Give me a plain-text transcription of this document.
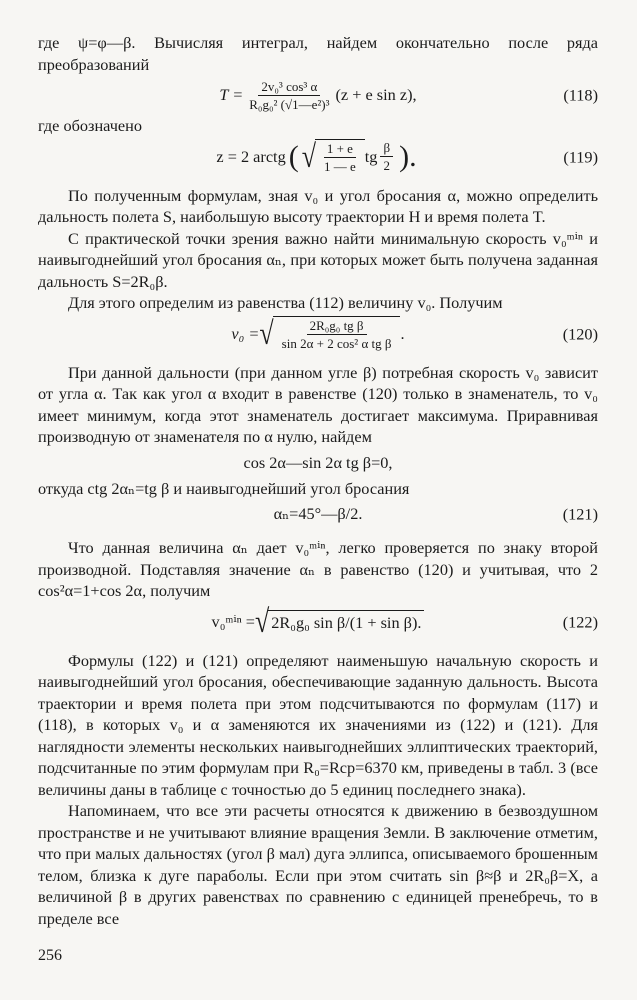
где ψ=φ—β. Вычисляя интеграл, найдем окончательно после ряда преобразований

$T = \frac{\text{2v₀³ cos³ α}}{\text{R₀g₀² (√1—e²)³}} (z + e$ sin z),	(118)

где обозначено

z = 2 arctg ( √ $\frac{1 + e}{1 — e}$ tg $\frac{\beta}{2}$ ).	(119)

По полученным формулам, зная v₀ и угол бросания α, можно определить дальность полета S, наибольшую высоту траектории H и время полета T.

С практической точки зрения важно найти минимальную скорость v₀ᵐⁱⁿ и наивыгоднейший угол бросания αₙ, при которых может быть получена заданная дальность S=2R₀β.

Для этого определим из равенства (112) величину v₀. Получим

v₀ = √ $\frac{\text{2R₀g₀ tg β}}{\text{sin 2α + 2 cos² α tg β}}$ .	(120)

При данной дальности (при данном угле β) потребная скорость v₀ зависит от угла α. Так как угол α входит в равенстве (120) только в знаменатель, то v₀ имеет минимум, когда этот знаменатель достигает максимума. Приравнивая производную от знаменателя по α нулю, найдем

cos 2α—sin 2α tg β=0,

откуда ctg 2αₙ=tg β и наивыгоднейший угол бросания

αₙ=45°—β/2.	(121)

Что данная величина αₙ дает v₀ᵐⁱⁿ, легко проверяется по знаку второй производной. Подставляя значение αₙ в равенство (120) и учитывая, что 2 cos²α=1+cos 2α, получим

v₀ᵐⁱⁿ = √ 2R₀g₀ sin β/(1 + sin β).	(122)

Формулы (122) и (121) определяют наименьшую начальную скорость и наивыгоднейший угол бросания, обеспечивающие заданную дальность. Высота траектории и время полета при этом подсчитываются по формулам (117) и (118), в которых v₀ и α заменяются их значениями из (122) и (121). Для наглядности элементы нескольких наивыгоднейших эллиптических траекторий, подсчитанные по этим формулам при R₀=Rср=6370 км, приведены в табл. 3 (все величины даны в таблице с точностью до 5 единиц последнего знака).

Напоминаем, что все эти расчеты относятся к движению в безвоздушном пространстве и не учитывают влияние вращения Земли. В заключение отметим, что при малых дальностях (угол β мал) дуга эллипса, описываемого брошенным телом, близка к дуге параболы. Если при этом считать sin β≈β и 2R₀β=X, а величиной β в других равенствах по сравнению с единицей пренебречь, то в пределе все

256
